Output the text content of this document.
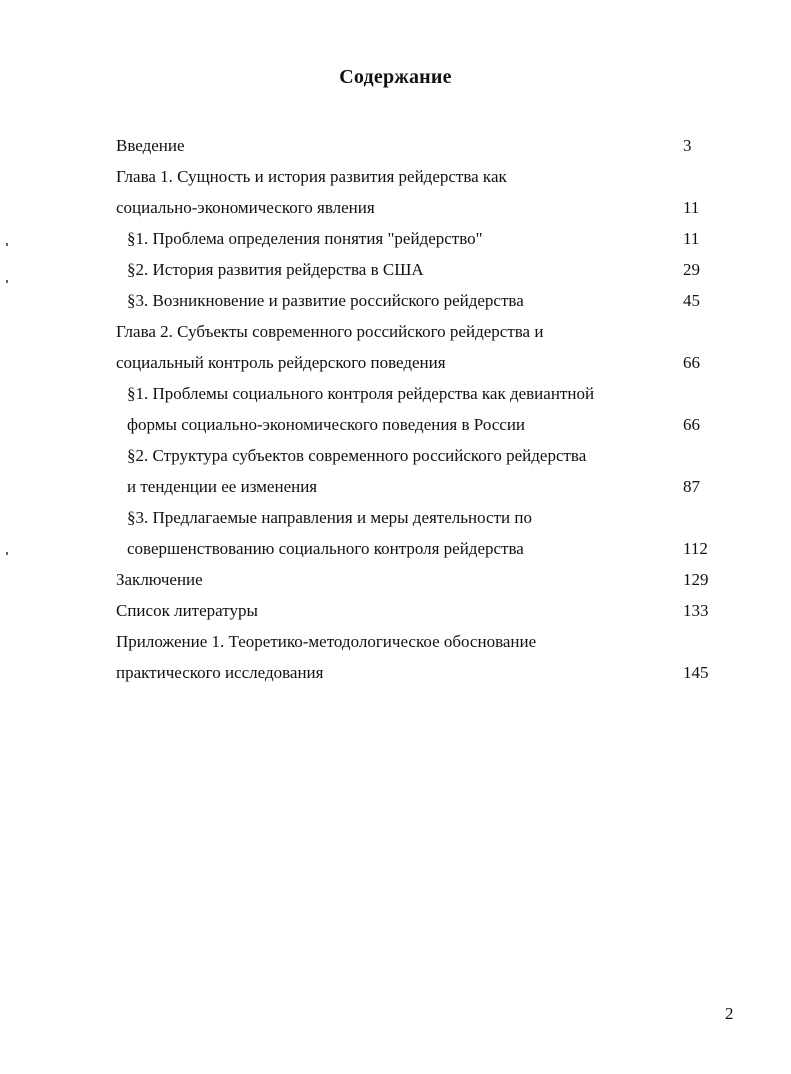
Содержание
Введение	3
Глава 1. Сущность и история развития рейдерства как
социально-экономического явления	11
§1. Проблема определения понятия "рейдерство"	11
§2. История развития рейдерства в США	29
§3. Возникновение и развитие российского рейдерства	45
Глава 2. Субъекты современного российского рейдерства и
социальный контроль рейдерского поведения	66
§1. Проблемы социального контроля рейдерства как девиантной
формы социально-экономического поведения в России	66
§2. Структура субъектов современного российского рейдерства
и тенденции ее изменения	87
§3. Предлагаемые направления и меры деятельности по
совершенствованию социального контроля рейдерства	112
Заключение	129
Список литературы	133
Приложение 1. Теоретико-методологическое обоснование
практического исследования	145
2
